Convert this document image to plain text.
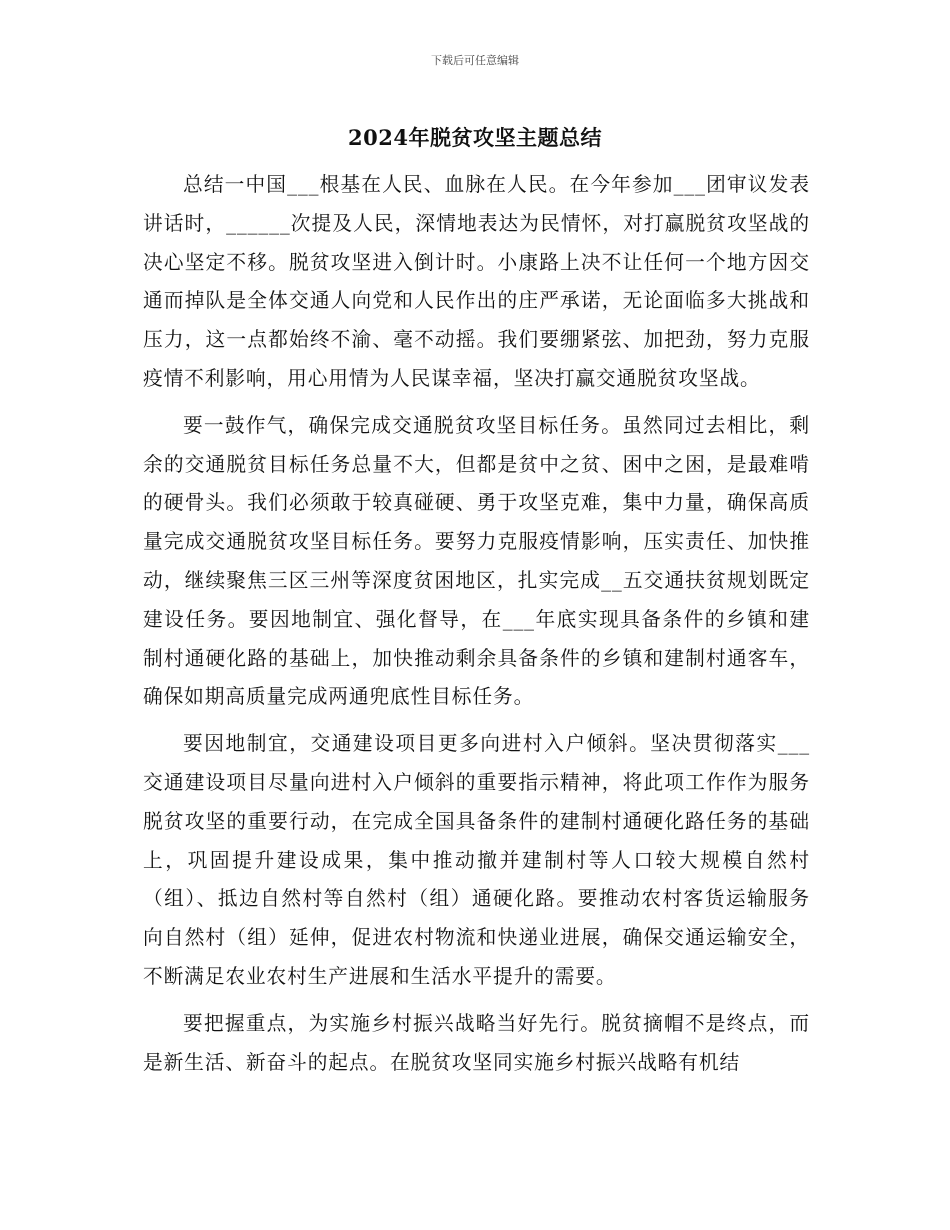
下载后可任意编辑
2024年脱贫攻坚主题总结

总结一中国___根基在人民、血脉在人民。在今年参加___团审议发表讲话时，______次提及人民，深情地表达为民情怀，对打赢脱贫攻坚战的决心坚定不移。脱贫攻坚进入倒计时。小康路上决不让任何一个地方因交通而掉队是全体交通人向党和人民作出的庄严承诺，无论面临多大挑战和压力，这一点都始终不渝、毫不动摇。我们要绷紧弦、加把劲，努力克服疫情不利影响，用心用情为人民谋幸福，坚决打赢交通脱贫攻坚战。

要一鼓作气，确保完成交通脱贫攻坚目标任务。虽然同过去相比，剩余的交通脱贫目标任务总量不大，但都是贫中之贫、困中之困，是最难啃的硬骨头。我们必须敢于较真碰硬、勇于攻坚克难，集中力量，确保高质量完成交通脱贫攻坚目标任务。要努力克服疫情影响，压实责任、加快推动，继续聚焦三区三州等深度贫困地区，扎实完成__五交通扶贫规划既定建设任务。要因地制宜、强化督导，在___年底实现具备条件的乡镇和建制村通硬化路的基础上，加快推动剩余具备条件的乡镇和建制村通客车，确保如期高质量完成两通兜底性目标任务。

要因地制宜，交通建设项目更多向进村入户倾斜。坚决贯彻落实___交通建设项目尽量向进村入户倾斜的重要指示精神，将此项工作作为服务脱贫攻坚的重要行动，在完成全国具备条件的建制村通硬化路任务的基础上，巩固提升建设成果，集中推动撤并建制村等人口较大规模自然村（组）、抵边自然村等自然村（组）通硬化路。要推动农村客货运输服务向自然村（组）延伸，促进农村物流和快递业进展，确保交通运输安全，不断满足农业农村生产进展和生活水平提升的需要。

要把握重点，为实施乡村振兴战略当好先行。脱贫摘帽不是终点，而是新生活、新奋斗的起点。在脱贫攻坚同实施乡村振兴战略有机结
